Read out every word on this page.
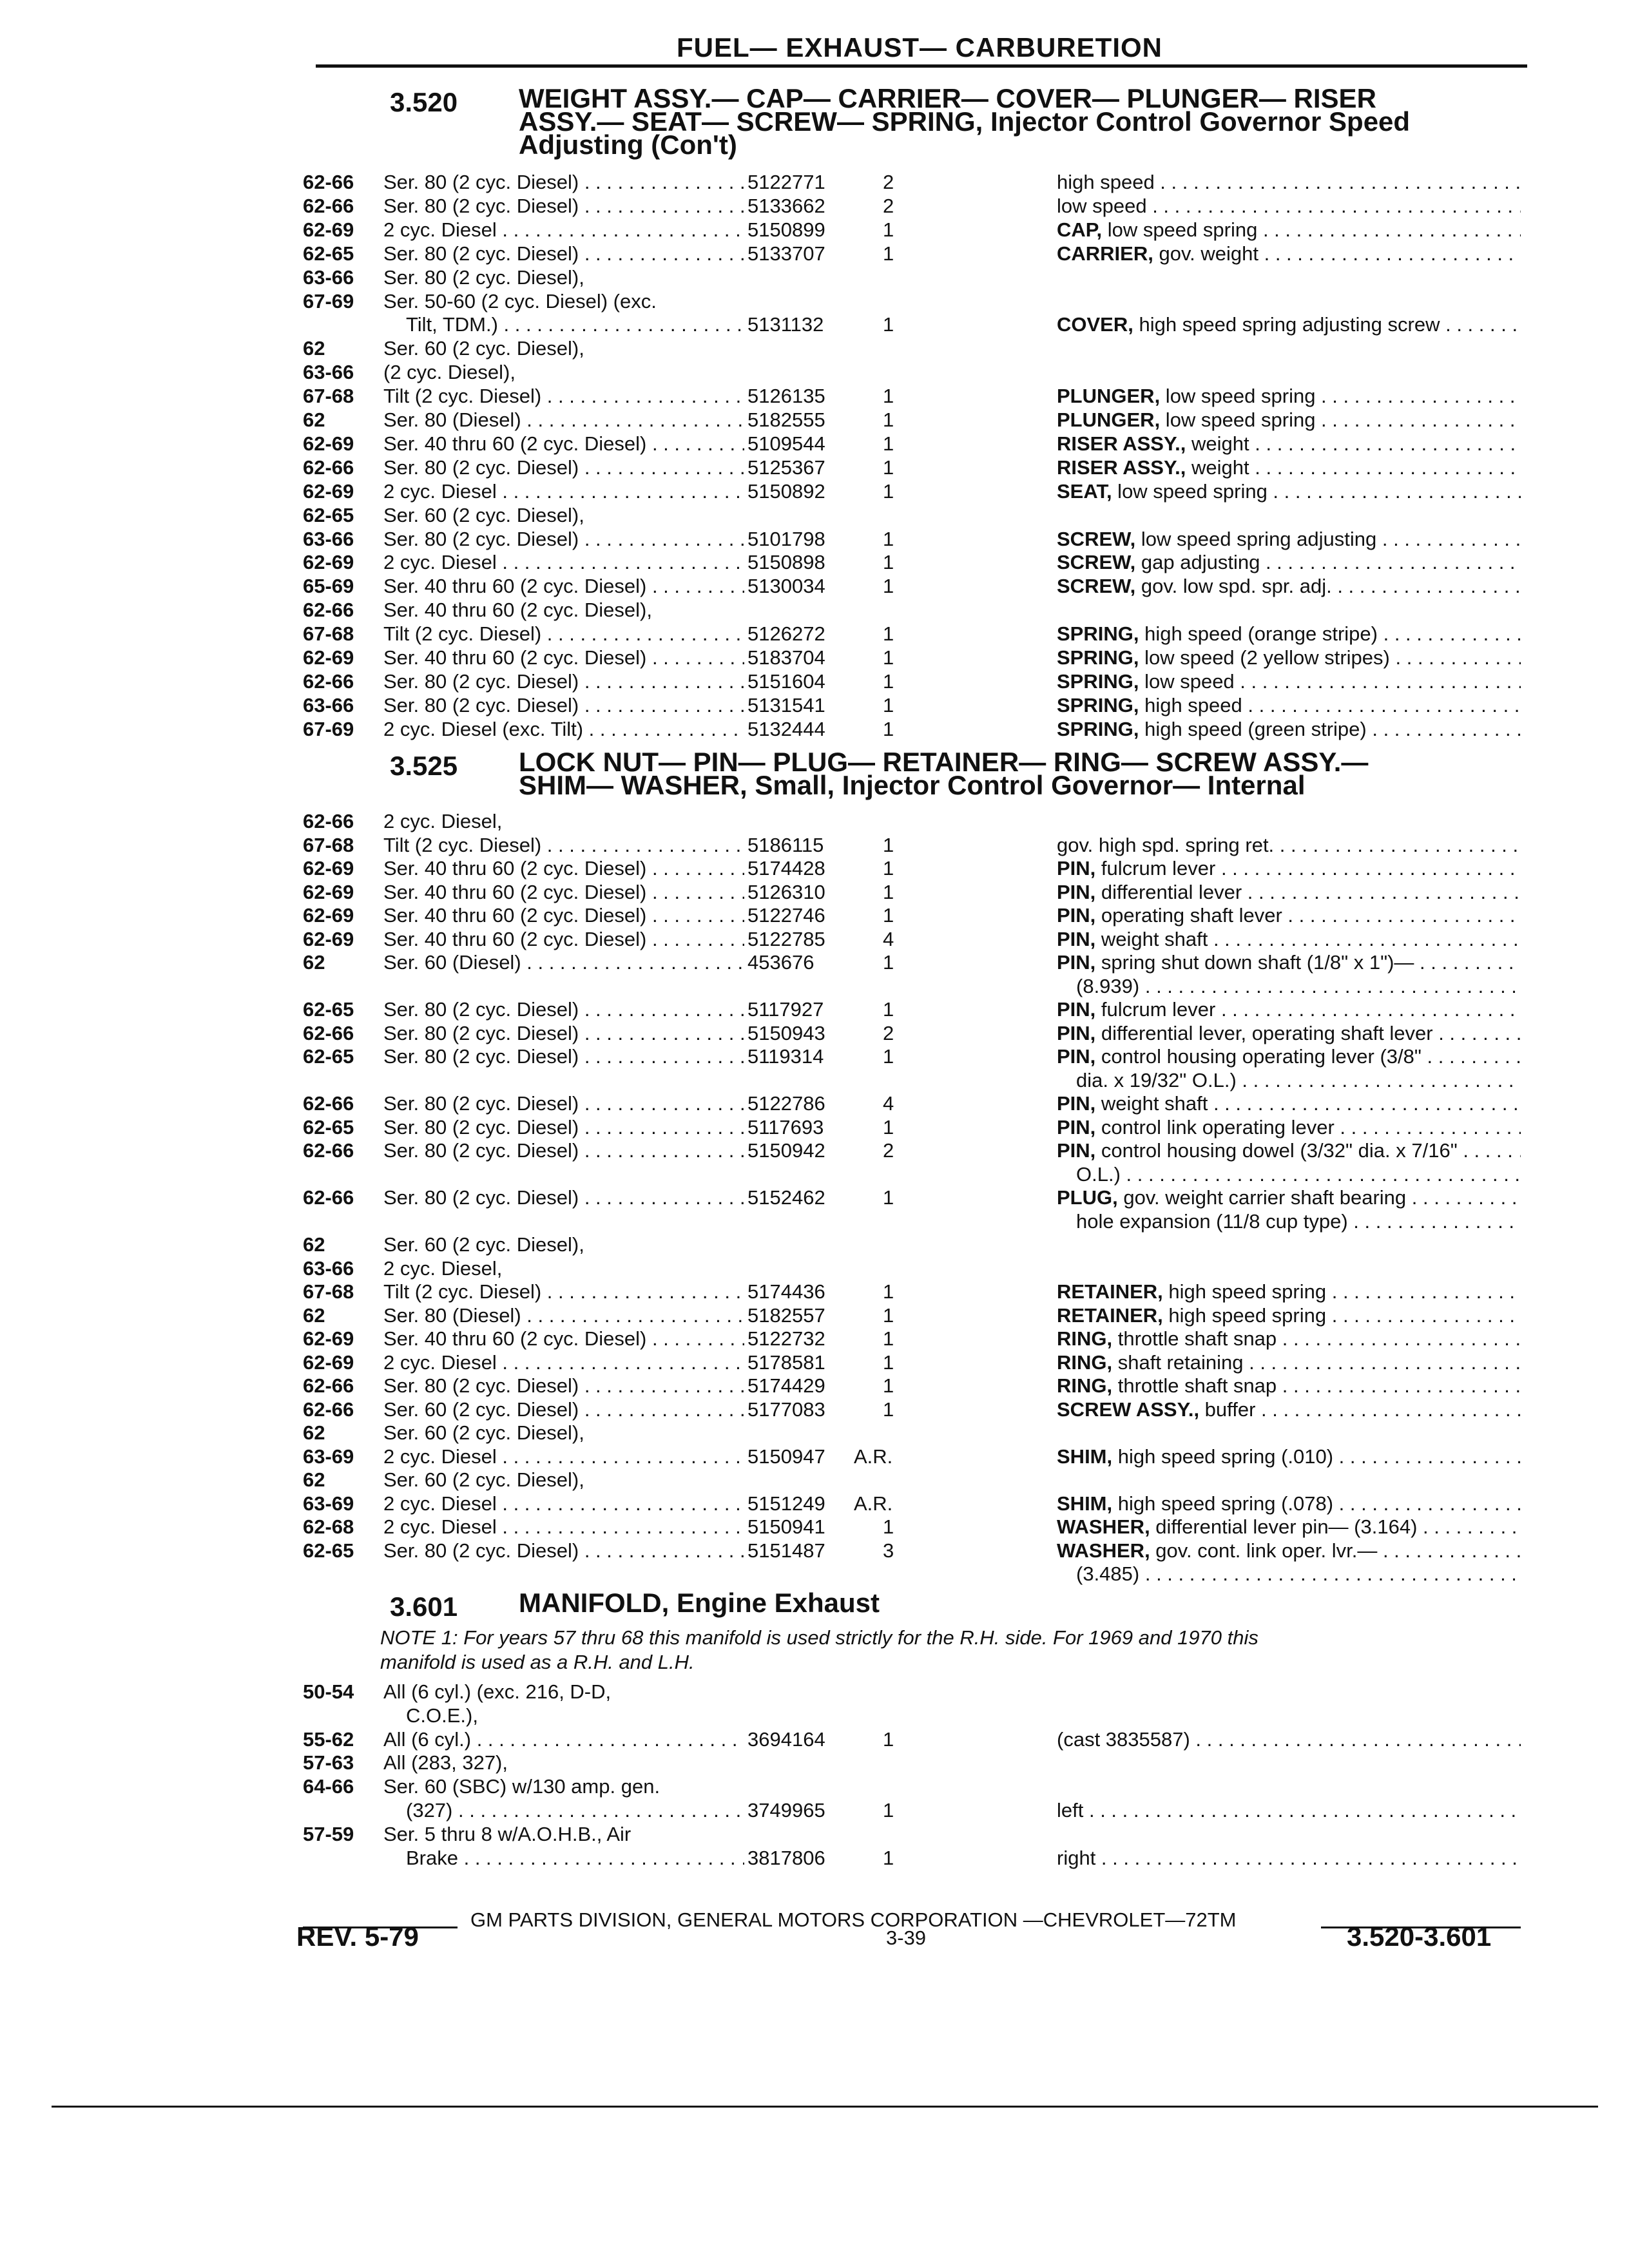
FUEL— EXHAUST— CARBURETION
3.520 WEIGHT ASSY.— CAP— CARRIER— COVER— PLUNGER— RISER
ASSY.— SEAT— SCREW— SPRING, Injector Control Governor Speed
Adjusting (Con't)
62-66 Ser. 80 (2 cyc. Diesel) . . .	5122771	2	high speed . . .
62-66 Ser. 80 (2 cyc. Diesel) . . .	5133662	2	low speed . . .
62-69 2 cyc. Diesel . . .	5150899	1	CAP, low speed spring . . .
62-65 Ser. 80 (2 cyc. Diesel) . . .	5133707	1	CARRIER, gov. weight . . .
63-66 Ser. 80 (2 cyc. Diesel),
67-69 Ser. 50-60 (2 cyc. Diesel) (exc.
Tilt, TDM.) . . .	5131132	1	COVER, high speed spring adjusting screw . . .
62	Ser. 60 (2 cyc. Diesel),
63-66 (2 cyc. Diesel),
67-68 Tilt (2 cyc. Diesel) . . .	5126135	1	PLUNGER, low speed spring . . .
62	Ser. 80 (Diesel) . . .	5182555	1	PLUNGER, low speed spring . . .
62-69 Ser. 40 thru 60 (2 cyc. Diesel) . . .	5109544	1	RISER ASSY., weight . . .
62-66 Ser. 80 (2 cyc. Diesel) . . .	5125367	1	RISER ASSY., weight . . .
62-69 2 cyc. Diesel . . .	5150892	1	SEAT, low speed spring . . .
62-65 Ser. 60 (2 cyc. Diesel),
63-66 Ser. 80 (2 cyc. Diesel) . . .	5101798	1	SCREW, low speed spring adjusting . . .
62-69 2 cyc. Diesel . . .	5150898	1	SCREW, gap adjusting . . .
65-69 Ser. 40 thru 60 (2 cyc. Diesel) . . .	5130034	1	SCREW, gov. low spd. spr. adj. . . .
62-66 Ser. 40 thru 60 (2 cyc. Diesel),
67-68 Tilt (2 cyc. Diesel) . . .	5126272	1	SPRING, high speed (orange stripe) . . .
62-69 Ser. 40 thru 60 (2 cyc. Diesel) . . .	5183704	1	SPRING, low speed (2 yellow stripes) . . .
62-66 Ser. 80 (2 cyc. Diesel) . . .	5151604	1	SPRING, low speed . . .
63-66 Ser. 80 (2 cyc. Diesel) . . .	5131541	1	SPRING, high speed . . .
67-69 2 cyc. Diesel (exc. Tilt) . . .	5132444	1	SPRING, high speed (green stripe) . . .
3.525 LOCK NUT— PIN— PLUG— RETAINER— RING— SCREW ASSY.—
SHIM— WASHER, Small, Injector Control Governor— Internal
62-66 2 cyc. Diesel,
67-68 Tilt (2 cyc. Diesel) . . .	5186115	1	gov. high spd. spring ret. . . .
62-69 Ser. 40 thru 60 (2 cyc. Diesel) . . .	5174428	1	PIN, fulcrum lever . . .
62-69 Ser. 40 thru 60 (2 cyc. Diesel) . . .	5126310	1	PIN, differential lever . . .
62-69 Ser. 40 thru 60 (2 cyc. Diesel) . . .	5122746	1	PIN, operating shaft lever . . .
62-69 Ser. 40 thru 60 (2 cyc. Diesel) . . .	5122785	4	PIN, weight shaft . . .
62	Ser. 60 (Diesel) . . .	453676	1	PIN, spring shut down shaft (1/8" x 1")— . . .
(8.939) . . .
62-65 Ser. 80 (2 cyc. Diesel) . . .	5117927	1	PIN, fulcrum lever . . .
62-66 Ser. 80 (2 cyc. Diesel) . . .	5150943	2	PIN, differential lever, operating shaft lever . . .
62-65 Ser. 80 (2 cyc. Diesel) . . .	5119314	1	PIN, control housing operating lever (3/8" . . .
dia. x 19/32" O.L.) . . .
62-66 Ser. 80 (2 cyc. Diesel) . . .	5122786	4	PIN, weight shaft . . .
62-65 Ser. 80 (2 cyc. Diesel) . . .	5117693	1	PIN, control link operating lever . . .
62-66 Ser. 80 (2 cyc. Diesel) . . .	5150942	2	PIN, control housing dowel (3/32" dia. x 7/16" . . .
O.L.) . . .
62-66 Ser. 80 (2 cyc. Diesel) . . .	5152462	1	PLUG, gov. weight carrier shaft bearing . . .
hole expansion (11/8 cup type) . . .
62	Ser. 60 (2 cyc. Diesel),
63-66 2 cyc. Diesel,
67-68 Tilt (2 cyc. Diesel) . . .	5174436	1	RETAINER, high speed spring . . .
62	Ser. 80 (Diesel) . . .	5182557	1	RETAINER, high speed spring . . .
62-69 Ser. 40 thru 60 (2 cyc. Diesel) . . .	5122732	1	RING, throttle shaft snap . . .
62-69 2 cyc. Diesel . . .	5178581	1	RING, shaft retaining . . .
62-66 Ser. 80 (2 cyc. Diesel) . . .	5174429	1	RING, throttle shaft snap . . .
62-66 Ser. 60 (2 cyc. Diesel) . . .	5177083	1	SCREW ASSY., buffer . . .
62	Ser. 60 (2 cyc. Diesel),
63-69 2 cyc. Diesel . . .	5150947 A.R.	SHIM, high speed spring (.010) . . .
62	Ser. 60 (2 cyc. Diesel),
63-69 2 cyc. Diesel . . .	5151249 A.R.	SHIM, high speed spring (.078) . . .
62-68 2 cyc. Diesel . . .	5150941	1	WASHER, differential lever pin— (3.164) . . .
62-65 Ser. 80 (2 cyc. Diesel) . . .	5151487	3	WASHER, gov. cont. link oper. lvr.— . . .
(3.485) . . .
3.601 MANIFOLD, Engine Exhaust
NOTE 1: For years 57 thru 68 this manifold is used strictly for the R.H. side. For 1969 and 1970 this
manifold is used as a R.H. and L.H.
50-54 All (6 cyl.) (exc. 216, D-D,
C.O.E.),
55-62 All (6 cyl.) . . .	3694164	1	(cast 3835587) . . .
57-63 All (283, 327),
64-66 Ser. 60 (SBC) w/130 amp. gen.
(327) . . .	3749965	1	left . . .
57-59 Ser. 5 thru 8 w/A.O.H.B., Air
Brake . . .	3817806	1	right . . .
GM PARTS DIVISION, GENERAL MOTORS CORPORATION —CHEVROLET—72TM
REV. 5-79	3-39	3.520-3.601
